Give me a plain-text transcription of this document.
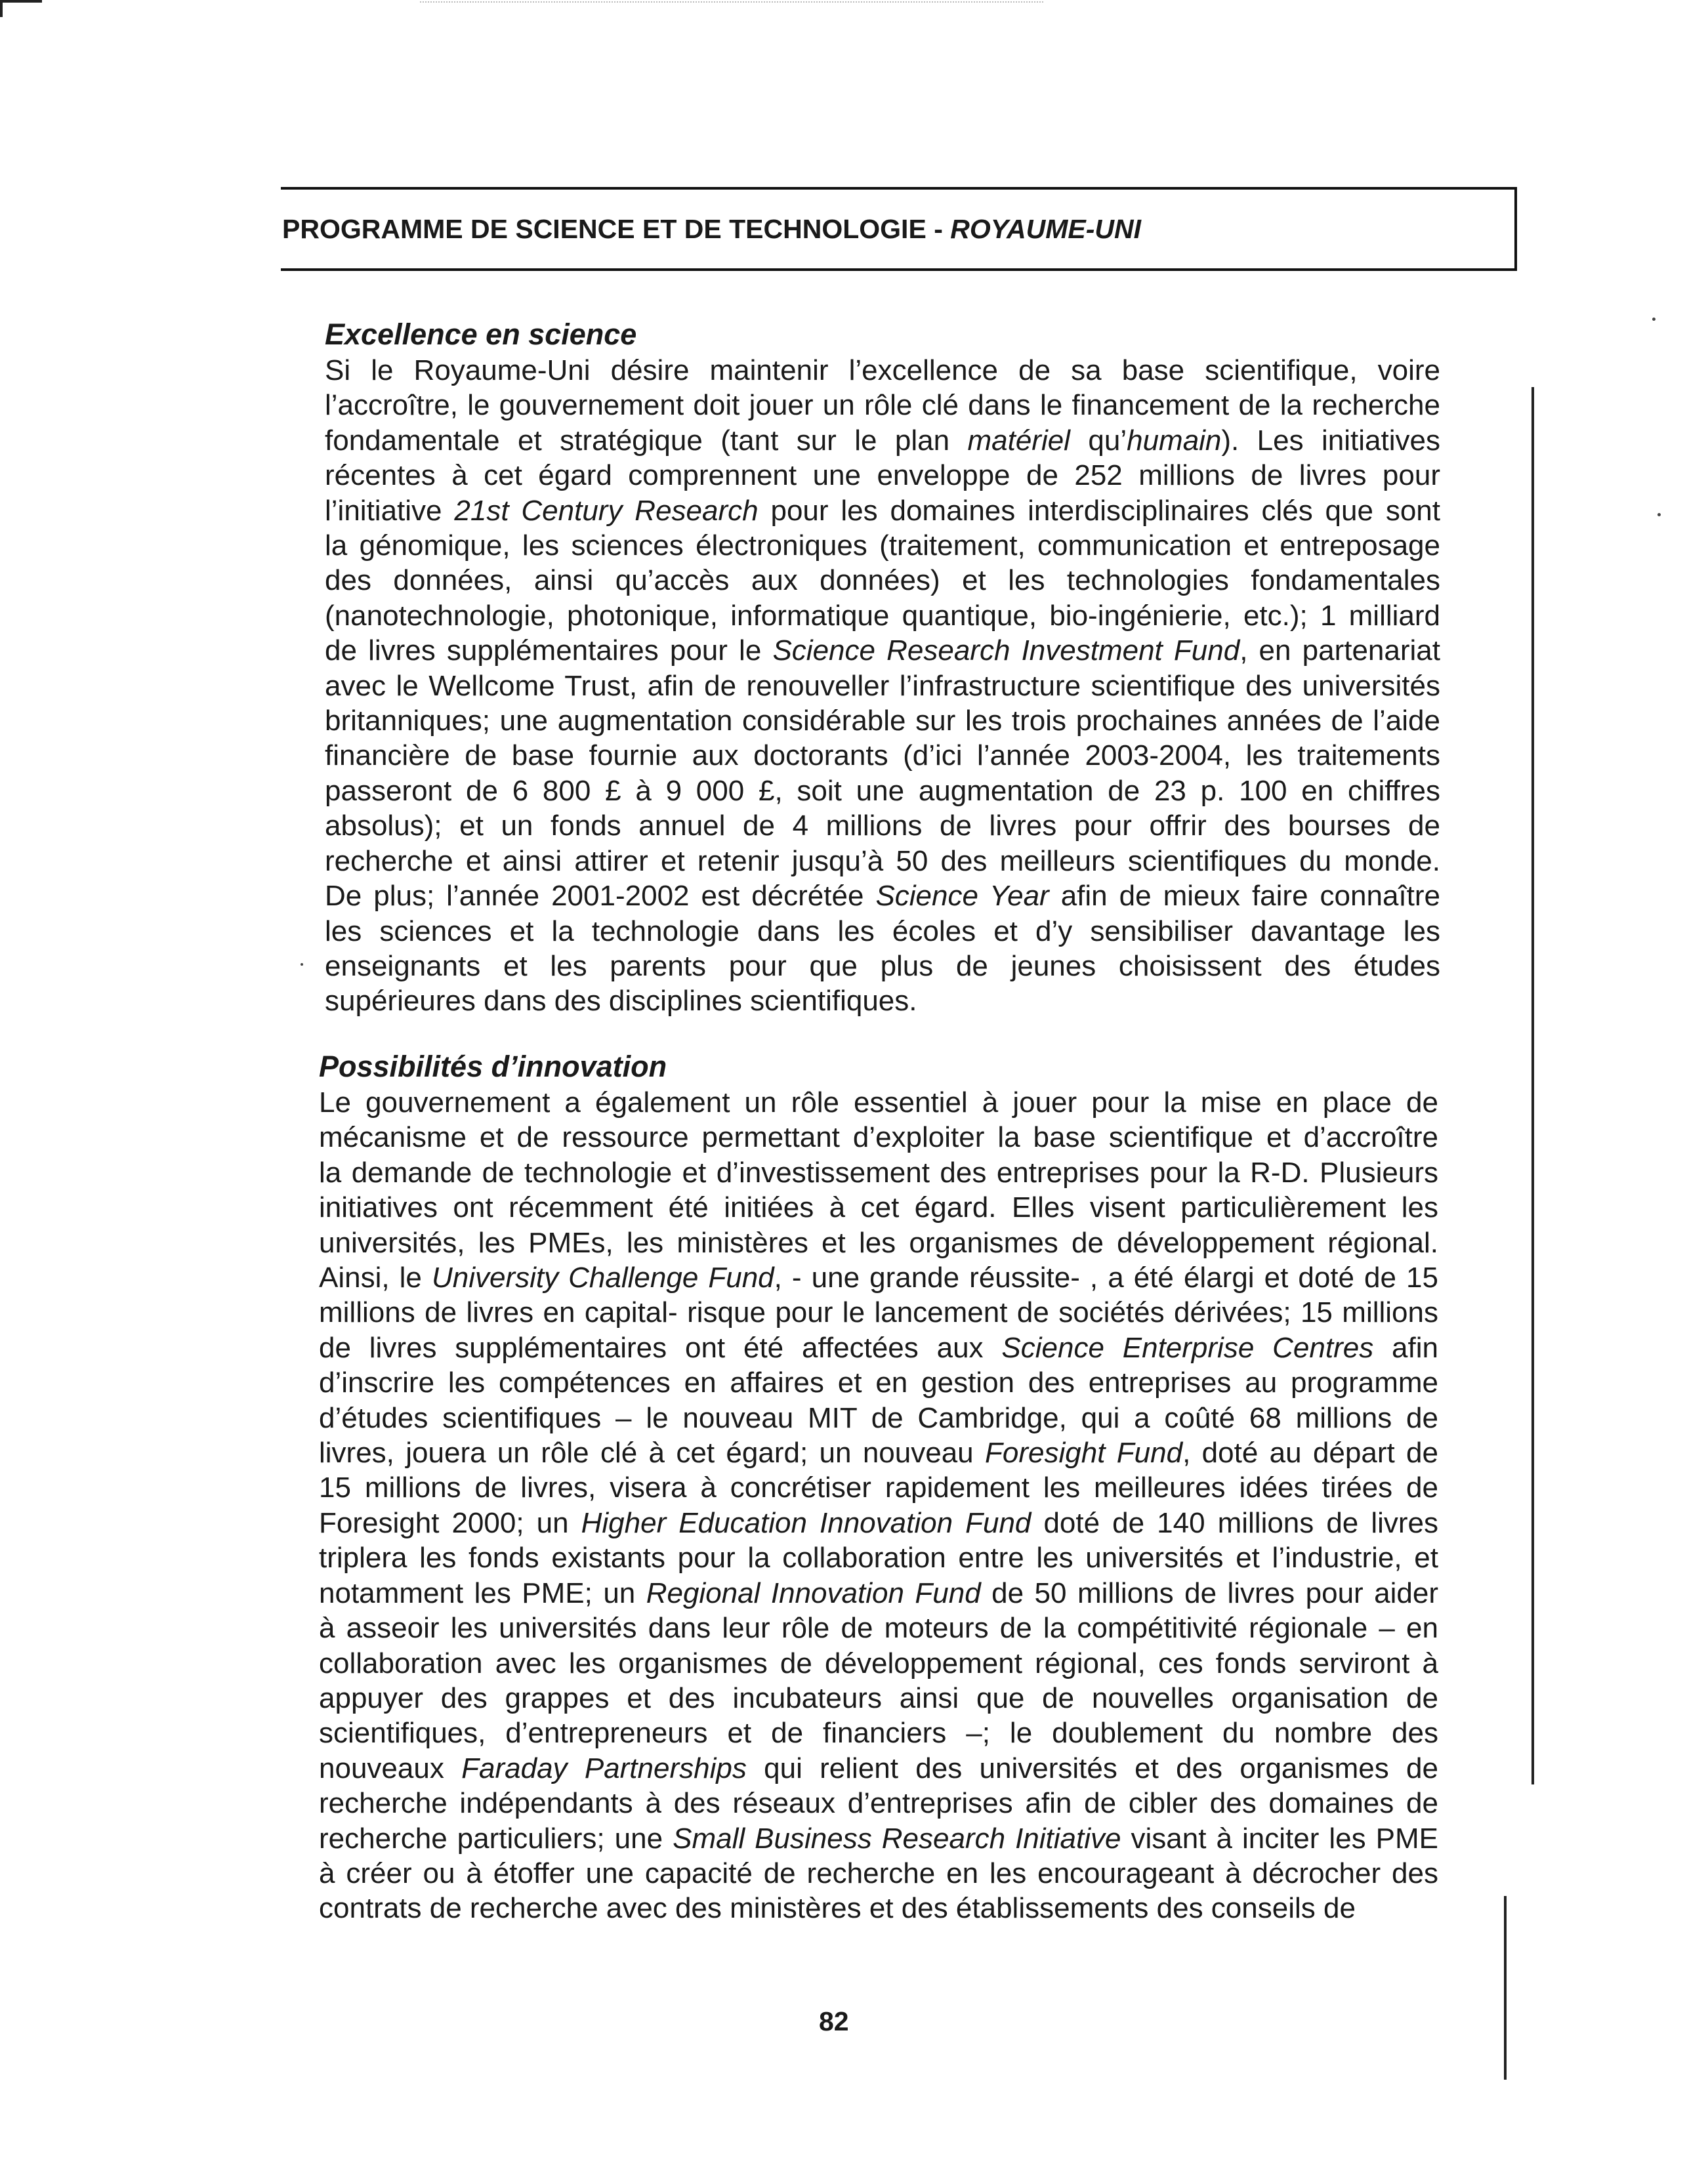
PROGRAMME DE SCIENCE ET DE TECHNOLOGIE - ROYAUME-UNI
Excellence en science
Si le Royaume-Uni désire maintenir l’excellence de sa base scientifique, voire
l’accroître, le gouvernement doit jouer un rôle clé dans le financement de la recherche
fondamentale et stratégique (tant sur le plan matériel qu’humain). Les initiatives
récentes à cet égard comprennent une enveloppe de 252 millions de livres pour
l’initiative 21st Century Research pour les domaines interdisciplinaires clés que sont
la génomique, les sciences électroniques (traitement, communication et entreposage
des données, ainsi qu’accès aux données) et les technologies fondamentales
(nanotechnologie, photonique, informatique quantique, bio-ingénierie, etc.); 1 milliard
de livres supplémentaires pour le Science Research Investment Fund, en partenariat
avec le Wellcome Trust, afin de renouveller l’infrastructure scientifique des universités
britanniques; une augmentation considérable sur les trois prochaines années de l’aide
financière de base fournie aux doctorants (d’ici l’année 2003-2004, les traitements
passeront de 6 800 £ à 9 000 £, soit une augmentation de 23 p. 100 en chiffres
absolus); et un fonds annuel de 4 millions de livres pour offrir des bourses de
recherche et ainsi attirer et retenir jusqu’à 50 des meilleurs scientifiques du monde.
De plus; l’année 2001-2002 est décrétée Science Year afin de mieux faire connaître
les sciences et la technologie dans les écoles et d’y sensibiliser davantage les
enseignants et les parents pour que plus de jeunes choisissent des études
supérieures dans des disciplines scientifiques.
Possibilités d’innovation
Le gouvernement a également un rôle essentiel à jouer pour la mise en place de
mécanisme et de ressource permettant d’exploiter la base scientifique et d’accroître
la demande de technologie et d’investissement des entreprises pour la R-D. Plusieurs
initiatives ont récemment été initiées à cet égard. Elles visent particulièrement les
universités, les PMEs, les ministères et les organismes de développement régional.
Ainsi, le University Challenge Fund, - une grande réussite- , a été élargi et doté de 15
millions de livres en capital- risque pour le lancement de sociétés dérivées; 15 millions
de livres supplémentaires ont été affectées aux Science Enterprise Centres afin
d’inscrire les compétences en affaires et en gestion des entreprises au programme
d’études scientifiques – le nouveau MIT de Cambridge, qui a coûté 68 millions de
livres, jouera un rôle clé à cet égard; un nouveau Foresight Fund, doté au départ de
15 millions de livres, visera à concrétiser rapidement les meilleures idées tirées de
Foresight 2000; un Higher Education Innovation Fund doté de 140 millions de livres
triplera les fonds existants pour la collaboration entre les universités et l’industrie, et
notamment les PME; un Regional Innovation Fund de 50 millions de livres pour aider
à asseoir les universités dans leur rôle de moteurs de la compétitivité régionale – en
collaboration avec les organismes de développement régional, ces fonds serviront à
appuyer des grappes et des incubateurs ainsi que de nouvelles organisation de
scientifiques, d’entrepreneurs et de financiers –; le doublement du nombre des
nouveaux Faraday Partnerships qui relient des universités et des organismes de
recherche indépendants à des réseaux d’entreprises afin de cibler des domaines de
recherche particuliers; une Small Business Research Initiative visant à inciter les PME
à créer ou à étoffer une capacité de recherche en les encourageant à décrocher des
contrats de recherche avec des ministères et des établissements des conseils de
82
